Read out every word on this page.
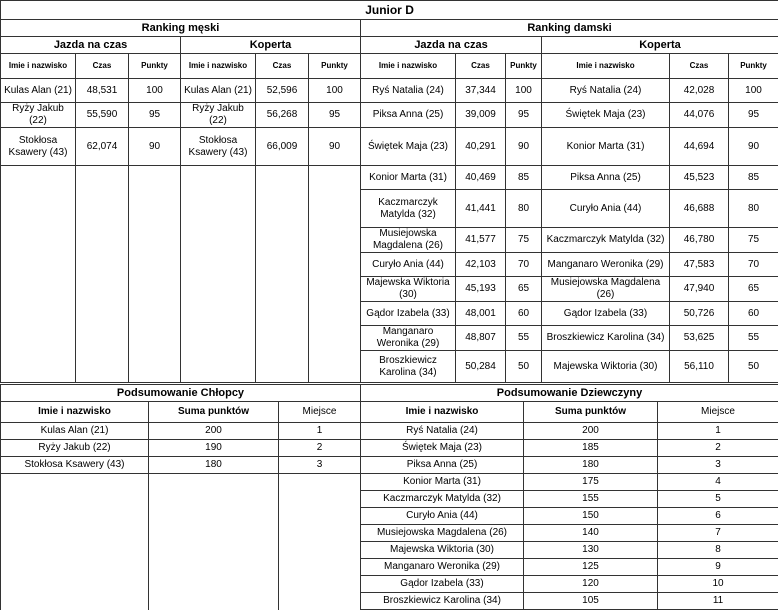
Junior D											
Ranking męski						Ranking damski					
Jazda na czas			Koperta			Jazda na czas			Koperta		
Imie i nazwisko	Czas	Punkty	Imie i nazwisko	Czas	Punkty	Imie i nazwisko	Czas	Punkty	Imie i nazwisko	Czas	Punkty
Kulas Alan (21)	48,531	100	Kulas Alan (21)	52,596	100	Ryś Natalia (24)	37,344	100	Ryś Natalia (24)	42,028	100
Ryży Jakub (22)	55,590	95	Ryży Jakub (22)	56,268	95	Piksa Anna (25)	39,009	95	Świętek Maja (23)	44,076	95
Stokłosa Ksawery (43)	62,074	90	Stokłosa Ksawery (43)	66,009	90	Świętek Maja (23)	40,291	90	Konior Marta (31)	44,694	90
						Konior Marta (31)	40,469	85	Piksa Anna (25)	45,523	85
						Kaczmarczyk Matylda (32)	41,441	80	Curyło Ania (44)	46,688	80
						Musiejowska Magdalena (26)	41,577	75	Kaczmarczyk Matylda (32)	46,780	75
						Curyło Ania (44)	42,103	70	Manganaro Weronika (29)	47,583	70
						Majewska Wiktoria (30)	45,193	65	Musiejowska Magdalena (26)	47,940	65
						Gądor Izabela (33)	48,001	60	Gądor Izabela (33)	50,726	60
						Manganaro Weronika (29)	48,807	55	Broszkiewicz Karolina (34)	53,625	55
						Broszkiewicz Karolina (34)	50,284	50	Majewska Wiktoria (30)	56,110	50
Podsumowanie Chłopcy			Podsumowanie Dziewczyny		
Imie i nazwisko	Suma punktów	Miejsce	Imie i nazwisko	Suma punktów	Miejsce
Kulas Alan (21)	200	1	Ryś Natalia (24)	200	1
Ryży Jakub (22)	190	2	Świętek Maja (23)	185	2
Stokłosa Ksawery (43)	180	3	Piksa Anna (25)	180	3
			Konior Marta (31)	175	4
			Kaczmarczyk Matylda (32)	155	5
			Curyło Ania (44)	150	6
			Musiejowska Magdalena (26)	140	7
			Majewska Wiktoria (30)	130	8
			Manganaro Weronika (29)	125	9
			Gądor Izabela (33)	120	10
			Broszkiewicz Karolina (34)	105	11
